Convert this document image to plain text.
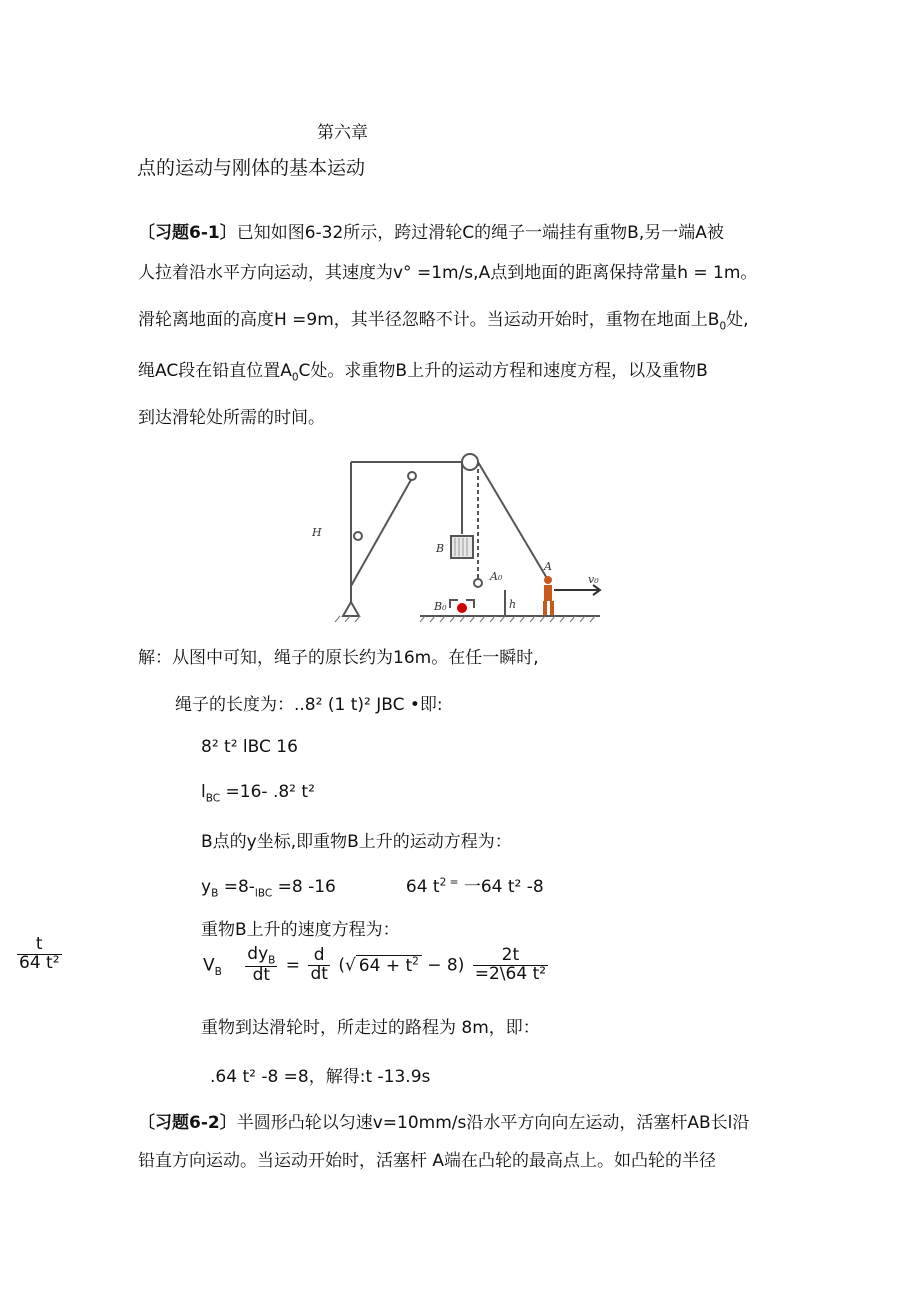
第六章
点的运动与刚体的基本运动
〔习题6-1〕已知如图6-32所示，跨过滑轮C的绳子一端挂有重物B,另一端A被
人拉着沿水平方向运动，其速度为v° =1m/s,A点到地面的距离保持常量h = 1m。
滑轮离地面的高度H =9m，其半径忽略不计。当运动开始时，重物在地面上$B_0$处,
绳AC段在铅直位置$A_0C$处。求重物B上升的运动方程和速度方程，以及重物B
到达滑轮处所需的时间。
H
B
A₀
A
B₀	h
v₀
解：从图中可知，绳子的原长约为16m。在任一瞬时,
绳子的长度为：..8² (1 t)² JBC •即:
8² t² lBC 16
$l_{BC} =16-$ .8² t²
B点的y坐标,即重物B上升的运动方程为：
$y_B =8-_{lBC} =8$ -16	64 $t^{2 =}$ 一64 t² -8
重物B上升的速度方程为：
$\frac{t}{\text{64 t²}}$	$V_B \frac{dy_B}{dt} = \frac{d}{dt}$ (√ $64 + t^2 - 8) \frac{2t}{\text{=2\textbackslash{}64 t²}}$
重物到达滑轮时，所走过的路程为 8m，即：
.64 t² -8 =8，解得:t -13.9s
〔习题6-2〕半圆形凸轮以匀速v=10mm/s沿水平方向向左运动，活塞杆AB长l沿
铅直方向运动。当运动开始时，活塞杆 A端在凸轮的最高点上。如凸轮的半径
